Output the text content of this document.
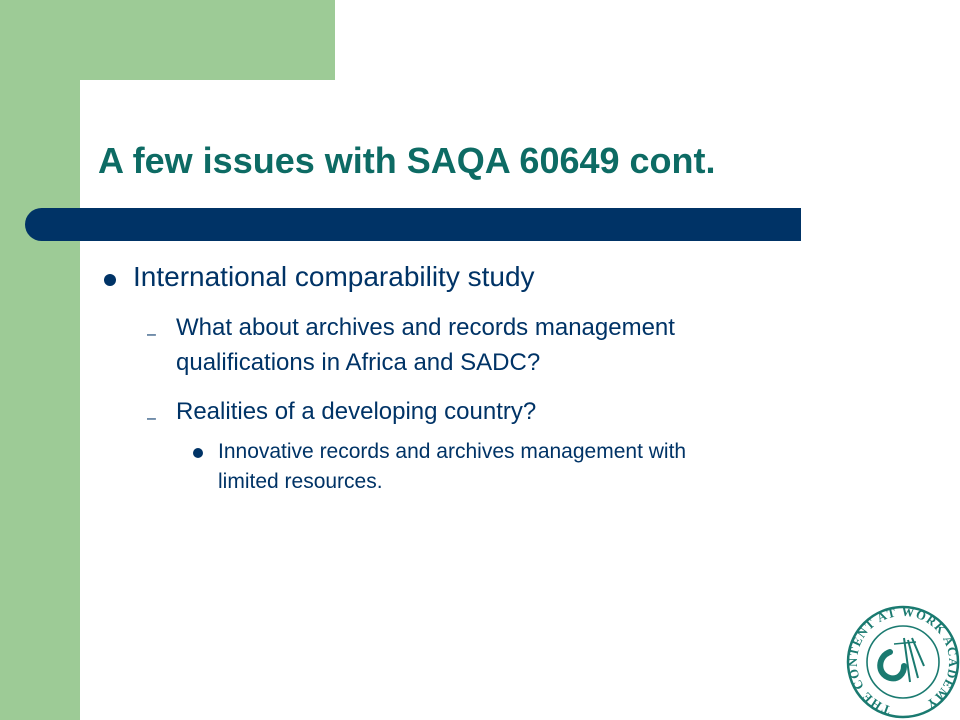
A few issues with SAQA 60649 cont.
International comparability study
– What about archives and records management
qualifications in Africa and SADC?
– Realities of a developing country?
Innovative records and archives management with
limited resources.
THE CONTENT AT WORK ACADEMY
